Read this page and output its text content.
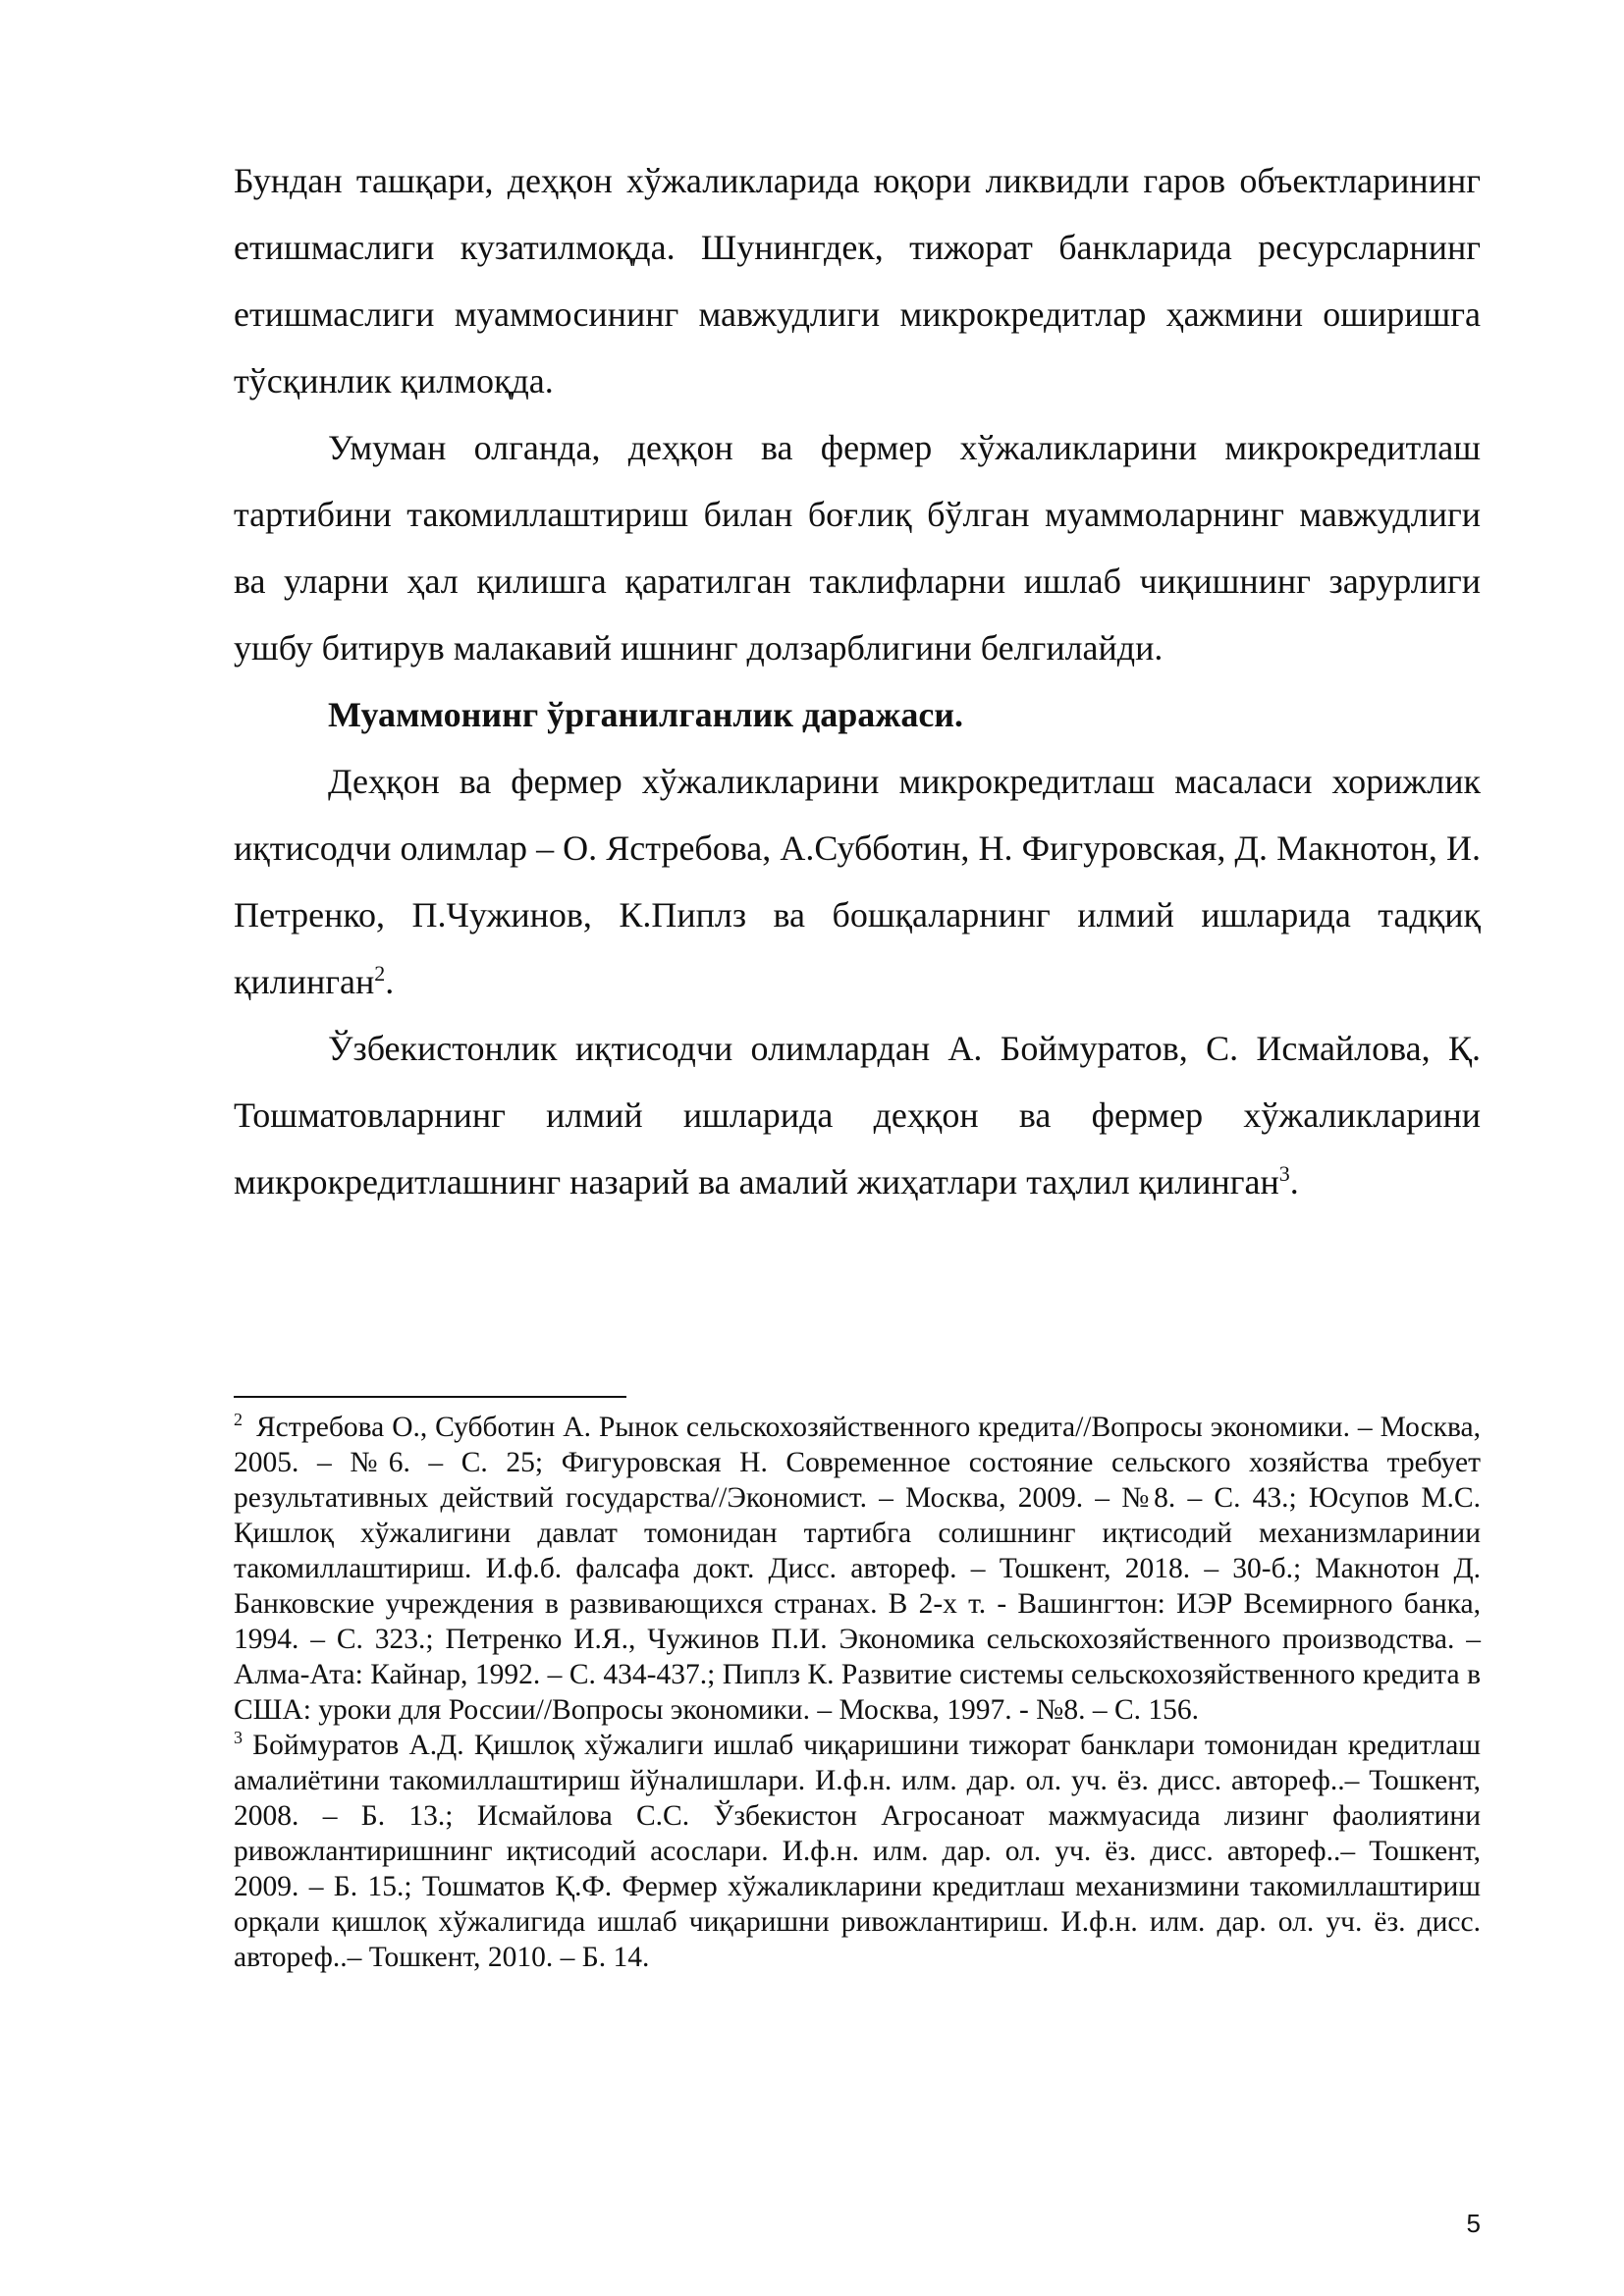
Бундан ташқари, деҳқон хўжаликларида юқори ликвидли гаров объектларининг етишмаслиги кузатилмоқда. Шунингдек, тижорат банкларида ресурсларнинг етишмаслиги муаммосининг мавжудлиги микрокредитлар ҳажмини оширишга тўсқинлик қилмоқда.

Умуман олганда, деҳқон ва фермер хўжаликларини микрокредитлаш тартибини такомиллаштириш билан боғлиқ бўлган муаммоларнинг мавжудлиги ва уларни ҳал қилишга қаратилган таклифларни ишлаб чиқишнинг зарурлиги ушбу битирув малакавий ишнинг долзарблигини белгилайди.

Муаммонинг ўрганилганлик даражаси.

Деҳқон ва фермер хўжаликларини микрокредитлаш масаласи хорижлик иқтисодчи олимлар – О. Ястребова, А.Субботин, Н. Фигуровская, Д. Макнотон, И. Петренко, П.Чужинов, К.Пиплз ва бошқаларнинг илмий ишларида тадқиқ қилинган$^2$.

Ўзбекистонлик иқтисодчи олимлардан А. Боймуратов, С. Исмайлова, Қ. Тошматовларнинг илмий ишларида деҳқон ва фермер хўжаликларини микрокредитлашнинг назарий ва амалий жиҳатлари таҳлил қилинган$^3$.

$^2$ Ястребова О., Субботин А. Рынок сельскохозяйственного кредита//Вопросы экономики. – Москва, 2005. – №6. – С. 25; Фигуровская Н. Современное состояние сельского хозяйства требует результативных действий государства//Экономист. – Москва, 2009. – №8. – С. 43.; Юсупов М.С. Қишлоқ хўжалигини давлат томонидан тартибга солишнинг иқтисодий механизмларинии такомиллаштириш. И.ф.б. фалсафа докт. Дисс. автореф. – Тошкент, 2018. – 30-б.; Макнотон Д. Банковские учреждения в развивающихся странах. В 2-х т. - Вашингтон: ИЭР Всемирного банка, 1994. – С. 323.; Петренко И.Я., Чужинов П.И. Экономика сельскохозяйственного производства. – Алма-Ата: Кайнар, 1992. – С. 434-437.; Пиплз К. Развитие системы сельскохозяйственного кредита в США: уроки для России//Вопросы экономики. – Москва, 1997. - №8. – С. 156.

$^3$ Боймуратов А.Д. Қишлоқ хўжалиги ишлаб чиқаришини тижорат банклари томонидан кредитлаш амалиётини такомиллаштириш йўналишлари. И.ф.н. илм. дар. ол. уч. ёз. дисс. автореф..– Тошкент, 2008. – Б. 13.; Исмайлова С.С. Ўзбекистон Агросаноат мажмуасида лизинг фаолиятини ривожлантиришнинг иқтисодий асослари. И.ф.н. илм. дар. ол. уч. ёз. дисс. автореф..– Тошкент, 2009. – Б. 15.; Тошматов Қ.Ф. Фермер хўжаликларини кредитлаш механизмини такомиллаштириш орқали қишлоқ хўжалигида ишлаб чиқаришни ривожлантириш. И.ф.н. илм. дар. ол. уч. ёз. дисс. автореф..– Тошкент, 2010. – Б. 14.

5
